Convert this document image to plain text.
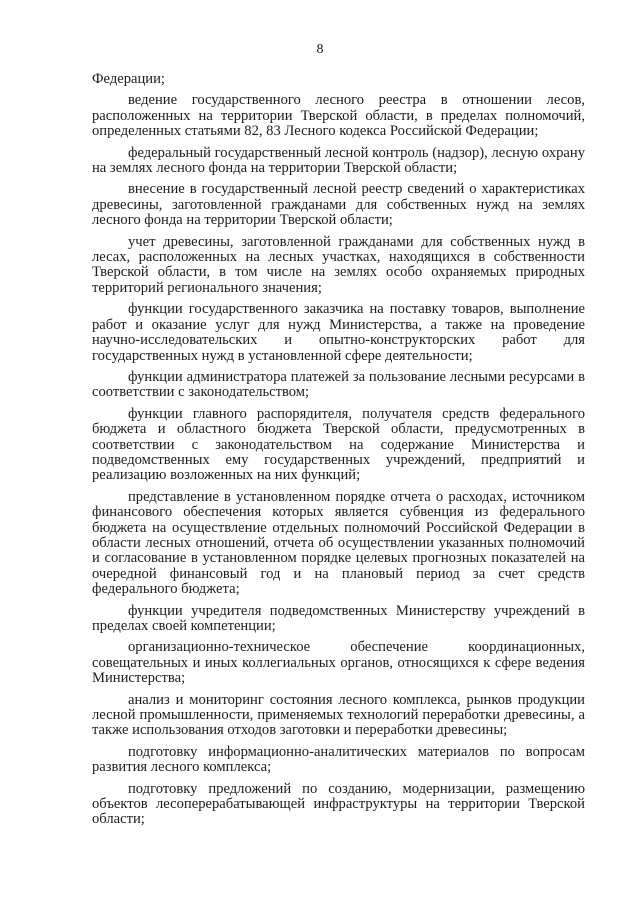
8

Федерации;

ведение государственного лесного реестра в отношении лесов, расположенных на территории Тверской области, в пределах полномочий, определенных статьями 82, 83 Лесного кодекса Российской Федерации;

федеральный государственный лесной контроль (надзор), лесную охрану на землях лесного фонда на территории Тверской области;

внесение в государственный лесной реестр сведений о характеристиках древесины, заготовленной гражданами для собственных нужд на землях лесного фонда на территории Тверской области;

учет древесины, заготовленной гражданами для собственных нужд в лесах, расположенных на лесных участках, находящихся в собственности Тверской области, в том числе на землях особо охраняемых природных территорий регионального значения;

функции государственного заказчика на поставку товаров, выполнение работ и оказание услуг для нужд Министерства, а также на проведение научно-исследовательских и опытно-конструкторских работ для государственных нужд в установленной сфере деятельности;

функции администратора платежей за пользование лесными ресурсами в соответствии с законодательством;

функции главного распорядителя, получателя средств федерального бюджета и областного бюджета Тверской области, предусмотренных в соответствии с законодательством на содержание Министерства и подведомственных ему государственных учреждений, предприятий и реализацию возложенных на них функций;

представление в установленном порядке отчета о расходах, источником финансового обеспечения которых является субвенция из федерального бюджета на осуществление отдельных полномочий Российской Федерации в области лесных отношений, отчета об осуществлении указанных полномочий и согласование в установленном порядке целевых прогнозных показателей на очередной финансовый год и на плановый период за счет средств федерального бюджета;

функции учредителя подведомственных Министерству учреждений в пределах своей компетенции;

организационно-техническое обеспечение координационных, совещательных и иных коллегиальных органов, относящихся к сфере ведения Министерства;

анализ и мониторинг состояния лесного комплекса, рынков продукции лесной промышленности, применяемых технологий переработки древесины, а также использования отходов заготовки и переработки древесины;

подготовку информационно-аналитических материалов по вопросам развития лесного комплекса;

подготовку предложений по созданию, модернизации, размещению объектов лесоперерабатывающей инфраструктуры на территории Тверской области;
